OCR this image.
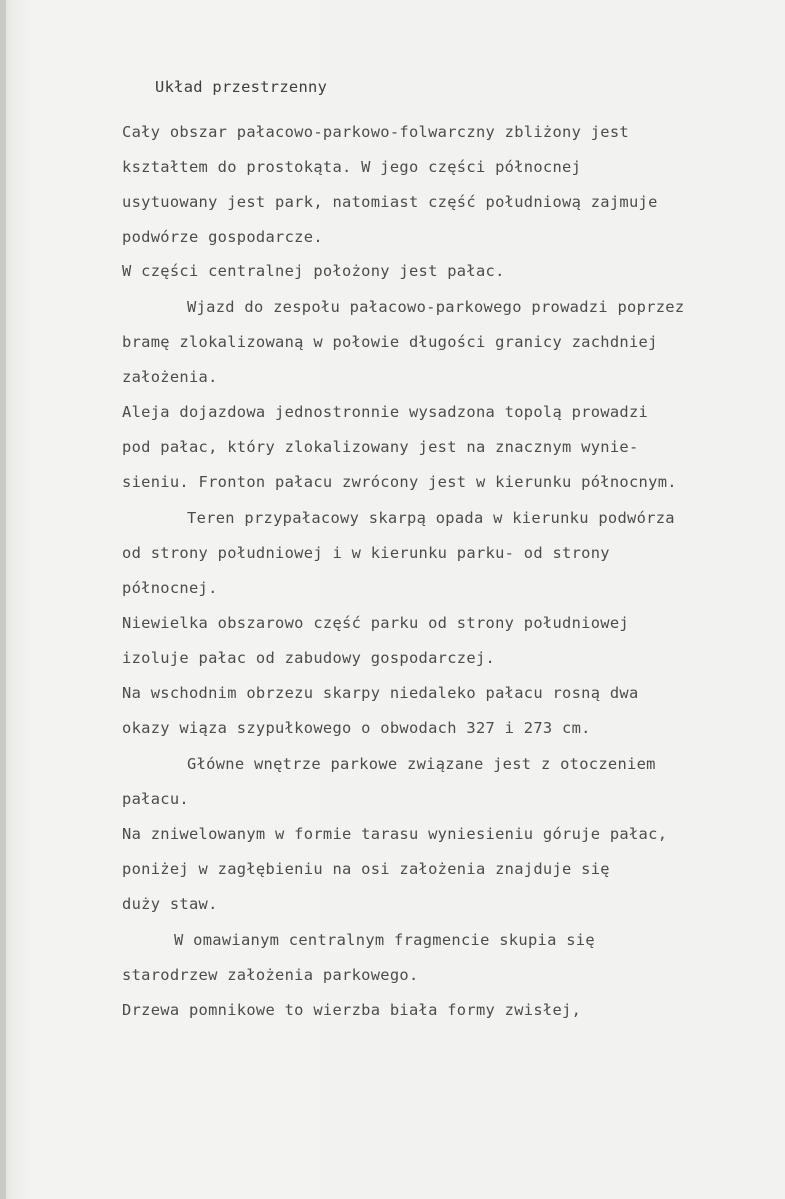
Układ przestrzenny
Cały obszar pałacowo-parkowo-folwarczny zbliżony jest
kształtem do prostokąta. W jego części północnej
usytuowany jest park, natomiast część południową zajmuje
podwórze gospodarcze.
W części centralnej położony jest pałac.
Wjazd do zespołu pałacowo-parkowego prowadzi poprzez
bramę zlokalizowaną w połowie długości granicy zachdniej
założenia.
Aleja dojazdowa jednostronnie wysadzona topolą prowadzi
pod pałac, który zlokalizowany jest na znacznym wynie-
sieniu. Fronton pałacu zwrócony jest w kierunku północnym.
Teren przypałacowy skarpą opada w kierunku podwórza
od strony południowej i w kierunku parku- od strony
północnej.
Niewielka obszarowo część parku od strony południowej
izoluje pałac od zabudowy gospodarczej.
Na wschodnim obrzezu skarpy niedaleko pałacu rosną dwa
okazy wiąza szypułkowego o obwodach 327 i 273 cm.
Główne wnętrze parkowe związane jest z otoczeniem
pałacu.
Na zniwelowanym w formie tarasu wyniesieniu góruje pałac,
poniżej w zagłębieniu na osi założenia znajduje się
duży staw.
W omawianym centralnym fragmencie skupia się
starodrzew założenia parkowego.
Drzewa pomnikowe to wierzba biała formy zwisłej,
